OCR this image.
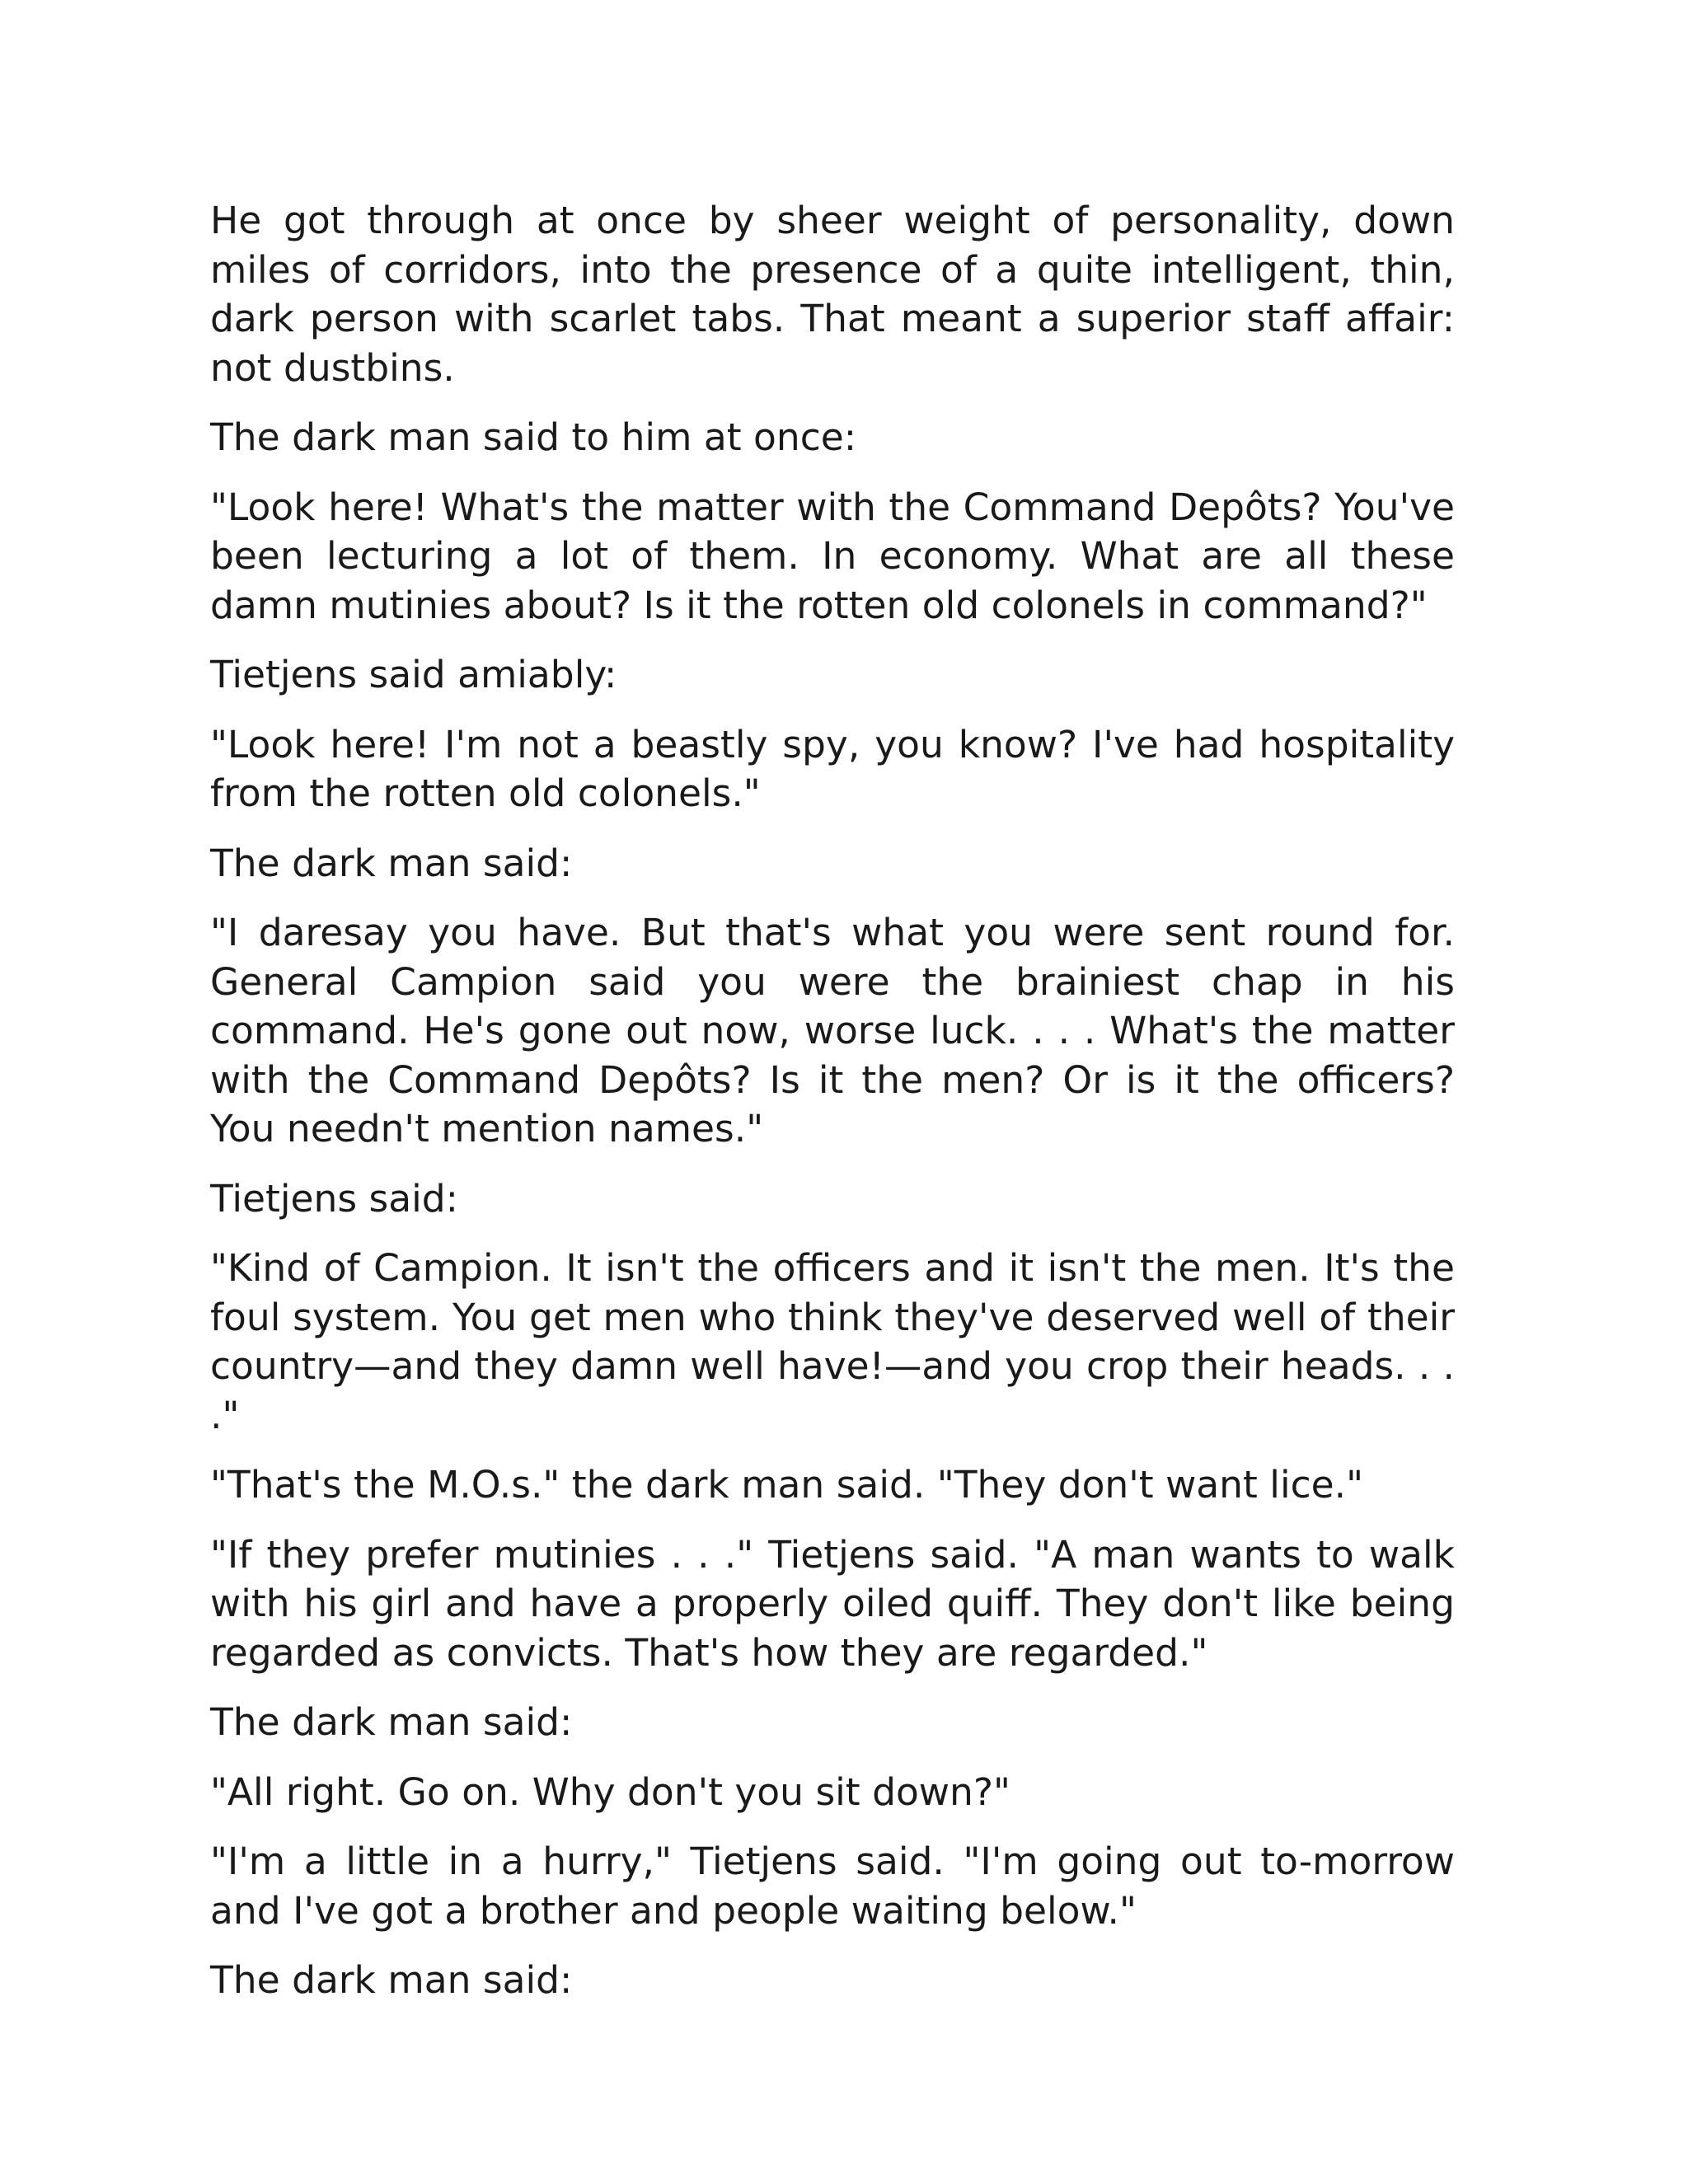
He got through at once by sheer weight of personality, down miles of corridors, into the presence of a quite intelligent, thin, dark person with scarlet tabs. That meant a superior staff affair: not dustbins.

The dark man said to him at once:

"Look here! What's the matter with the Command Depôts? You've been lecturing a lot of them. In economy. What are all these damn mutinies about? Is it the rotten old colonels in command?"

Tietjens said amiably:

"Look here! I'm not a beastly spy, you know? I've had hospitality from the rotten old colonels."

The dark man said:

"I daresay you have. But that's what you were sent round for. General Campion said you were the brainiest chap in his command. He's gone out now, worse luck. . . . What's the matter with the Command Depôts? Is it the men? Or is it the officers? You needn't mention names."

Tietjens said:

"Kind of Campion. It isn't the officers and it isn't the men. It's the foul system. You get men who think they've deserved well of their country—and they damn well have!—and you crop their heads. . . ."

"That's the M.O.s." the dark man said. "They don't want lice."

"If they prefer mutinies . . ." Tietjens said. "A man wants to walk with his girl and have a properly oiled quiff. They don't like being regarded as convicts. That's how they are regarded."

The dark man said:

"All right. Go on. Why don't you sit down?"

"I'm a little in a hurry," Tietjens said. "I'm going out to-morrow and I've got a brother and people waiting below."

The dark man said:
